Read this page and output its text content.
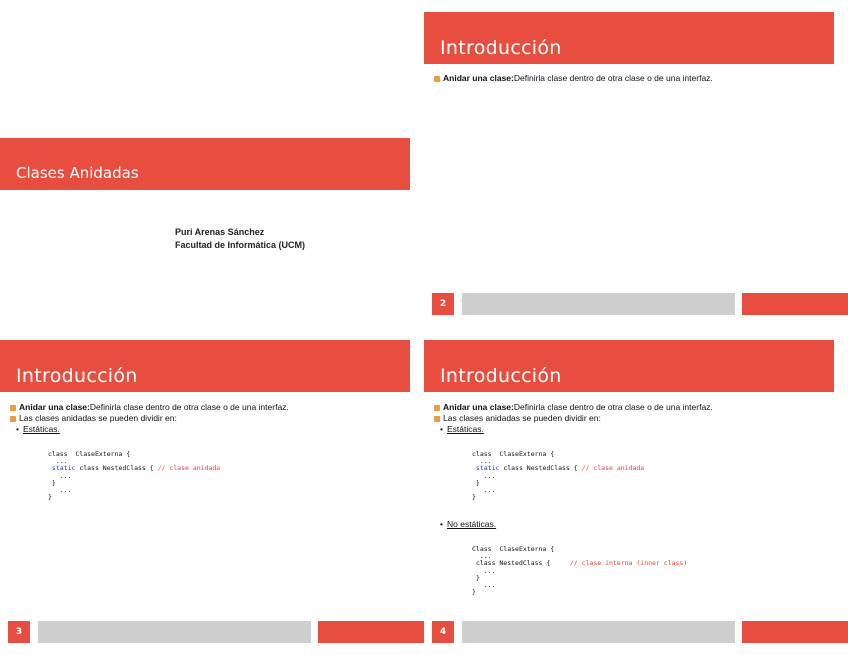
Clases Anidadas
Puri Arenas Sánchez
Facultad de Informática (UCM)
Introducción
Anidar una clase: Definirla clase dentro de otra clase o de una interfaz.
2
Introducción
Anidar una clase: Definirla clase dentro de otra clase o de una interfaz.
Las clases anidadas se pueden dividir en:
• Estáticas.
class  ClaseExterna {
...
static class NestedClass { // clase anidada
...
}
...
}
3
Introducción
Anidar una clase: Definirla clase dentro de otra clase o de una interfaz.
Las clases anidadas se pueden dividir en:
• Estáticas.
class  ClaseExterna {
...
static class NestedClass { // clase anidada
...
}
...
}
• No estáticas.
Class  ClaseExterna {
...
class NestedClass {     // clase interna (inner class)
...
}
...
}
4
